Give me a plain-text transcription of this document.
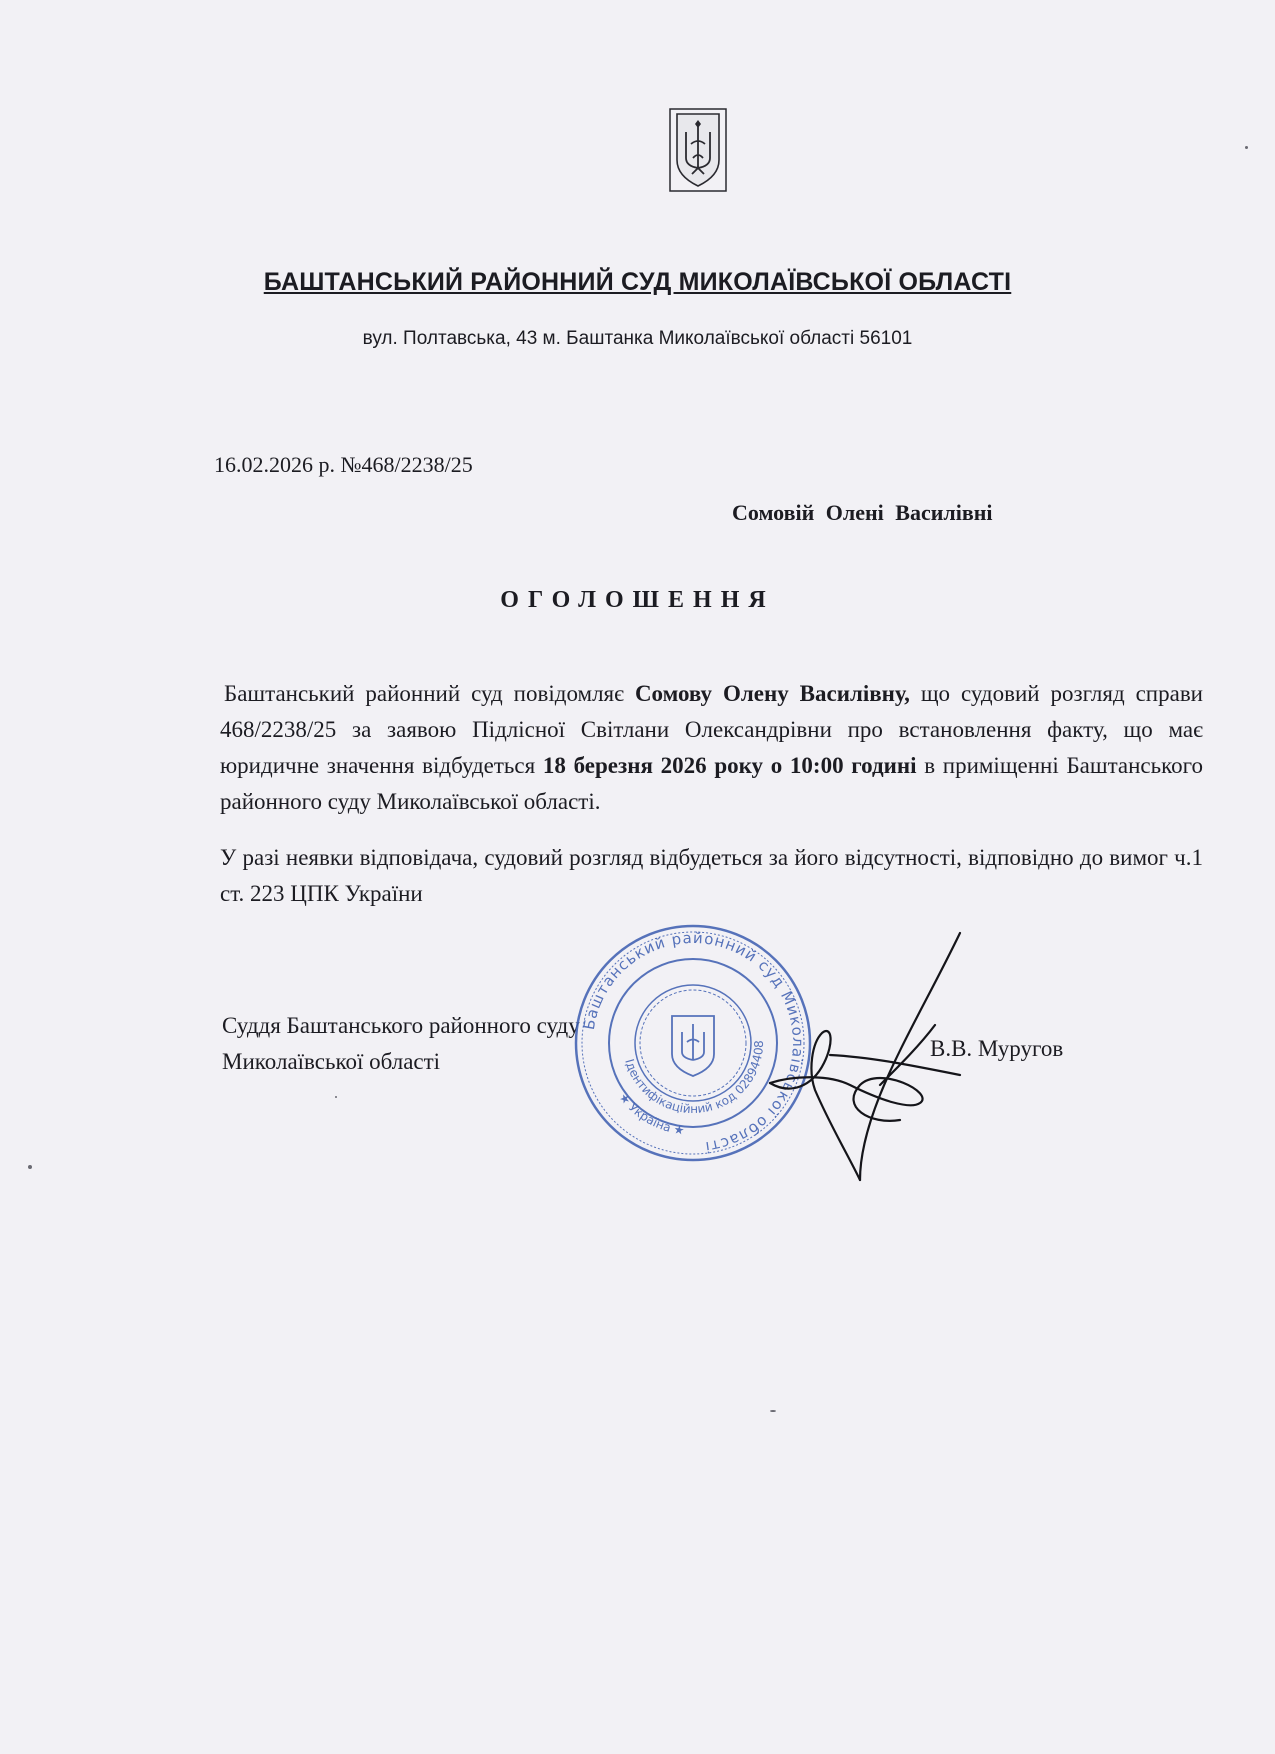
БАШТАНСЬКИЙ РАЙОННИЙ СУД МИКОЛАЇВСЬКОЇ ОБЛАСТІ
вул. Полтавська, 43 м. Баштанка Миколаївської області 56101
16.02.2026 р. №468/2238/25
Сомовій Олені Василівні
ОГОЛОШЕННЯ

Баштанський районний суд повідомляє Сомову Олену Василівну, що судовий розгляд справи 468/2238/25 за заявою Підлісної Світлани Олександрівни про встановлення факту, що має юридичне значення відбудеться 18 березня 2026 року о 10:00 годині в приміщенні Баштанського районного суду Миколаївської області.

У разі неявки відповідача, судовий розгляд відбудеться за його відсутності, відповідно до вимог ч.1 ст. 223 ЦПК України

Суддя Баштанського районного суду
Миколаївської області
Баштанський районний суд Миколаївської області
Ідентифікаційний код 02894408
★ Україна ★
В.В. Муругов
